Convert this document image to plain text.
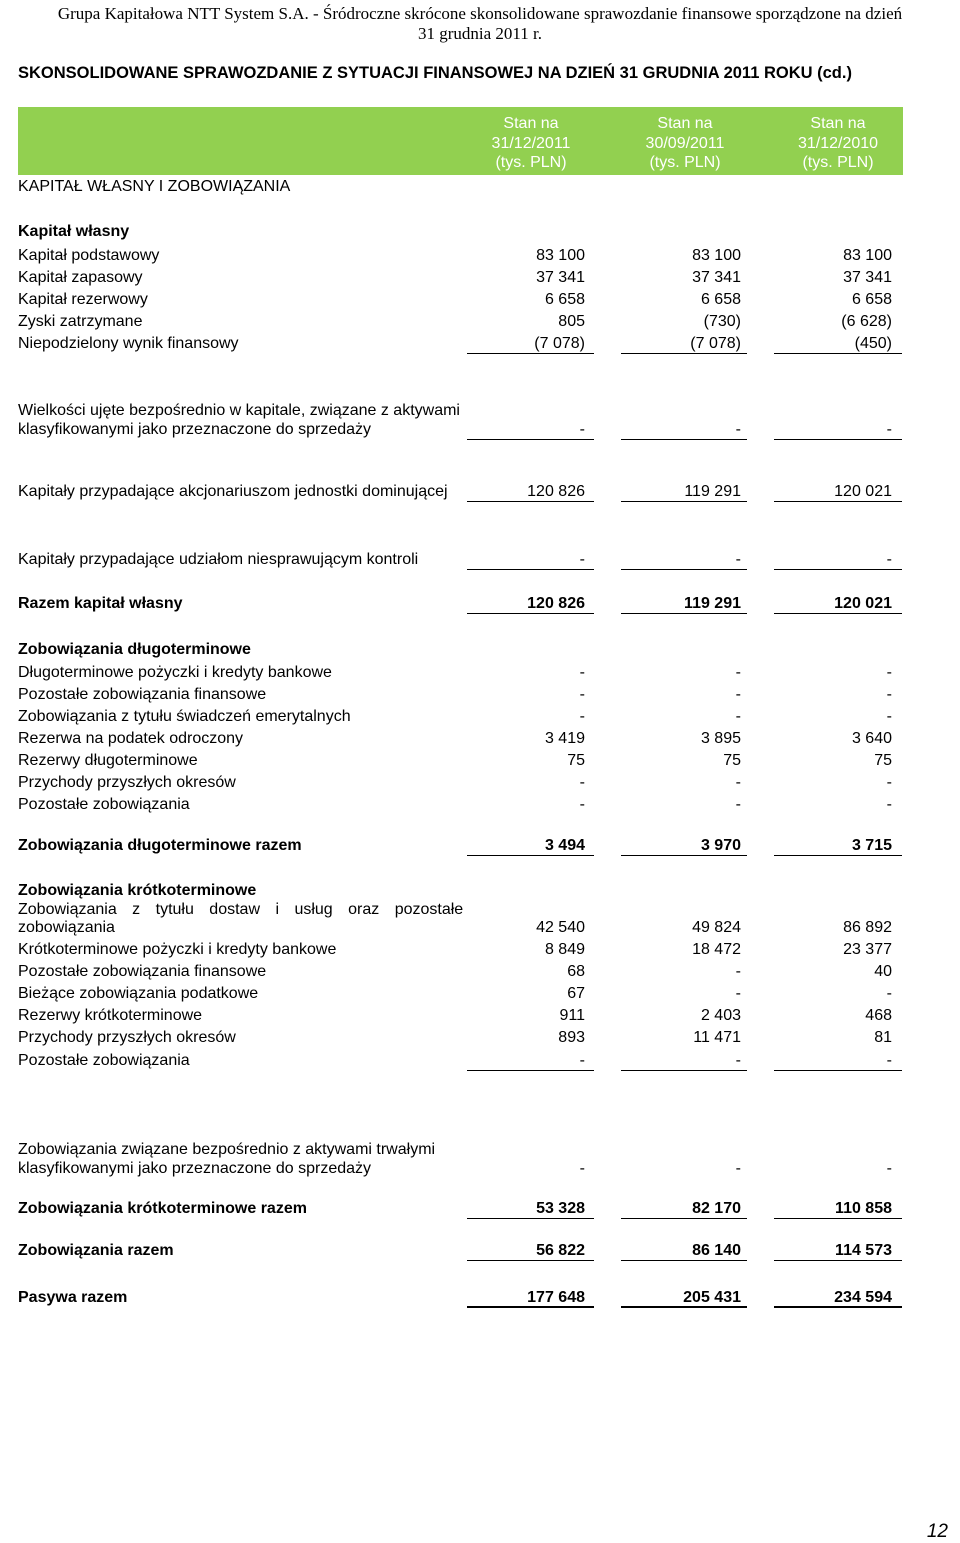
Grupa Kapitałowa NTT System S.A. - Śródroczne skrócone skonsolidowane sprawozdanie finansowe sporządzone na dzień
31 grudnia 2011 r.
SKONSOLIDOWANE SPRAWOZDANIE Z SYTUACJI FINANSOWEJ NA DZIEŃ 31 GRUDNIA 2011 ROKU (cd.)
Stan na
31/12/2011
(tys. PLN)
Stan na
30/09/2011
(tys. PLN)
Stan na
31/12/2010
(tys. PLN)
KAPITAŁ WŁASNY I ZOBOWIĄZANIA
Kapitał własny
Kapitał podstawowy	83 100	83 100	83 100
Kapitał zapasowy	37 341	37 341	37 341
Kapitał rezerwowy	6 658	6 658	6 658
Zyski zatrzymane	805	(730)	(6 628)
Niepodzielony wynik finansowy	(7 078)	(7 078)	(450)
Wielkości ujęte bezpośrednio w kapitale, związane z aktywami
klasyfikowanymi jako przeznaczone do sprzedaży	-	-	-
Kapitały przypadające akcjonariuszom jednostki dominującej	120 826	119 291	120 021
Kapitały przypadające udziałom niesprawującym kontroli	-	-	-
Razem kapitał własny	120 826	119 291	120 021
Zobowiązania długoterminowe
Długoterminowe pożyczki i kredyty bankowe	-	-	-
Pozostałe zobowiązania finansowe	-	-	-
Zobowiązania z tytułu świadczeń emerytalnych	-	-	-
Rezerwa na podatek odroczony	3 419	3 895	3 640
Rezerwy długoterminowe	75	75	75
Przychody przyszłych okresów	-	-	-
Pozostałe zobowiązania	-	-	-
Zobowiązania długoterminowe razem	3 494	3 970	3 715
Zobowiązania krótkoterminowe
Zobowiązania z tytułu dostaw i usług oraz pozostałe
zobowiązania	42 540	49 824	86 892
Krótkoterminowe pożyczki i kredyty bankowe	8 849	18 472	23 377
Pozostałe zobowiązania finansowe	68	-	40
Bieżące zobowiązania podatkowe	67	-	-
Rezerwy krótkoterminowe	911	2 403	468
Przychody przyszłych okresów	893	11 471	81
Pozostałe zobowiązania	-	-	-
Zobowiązania związane bezpośrednio z aktywami trwałymi
klasyfikowanymi jako przeznaczone do sprzedaży	-	-	-
Zobowiązania krótkoterminowe razem	53 328	82 170	110 858
Zobowiązania razem	56 822	86 140	114 573
Pasywa razem	177 648	205 431	234 594
12
